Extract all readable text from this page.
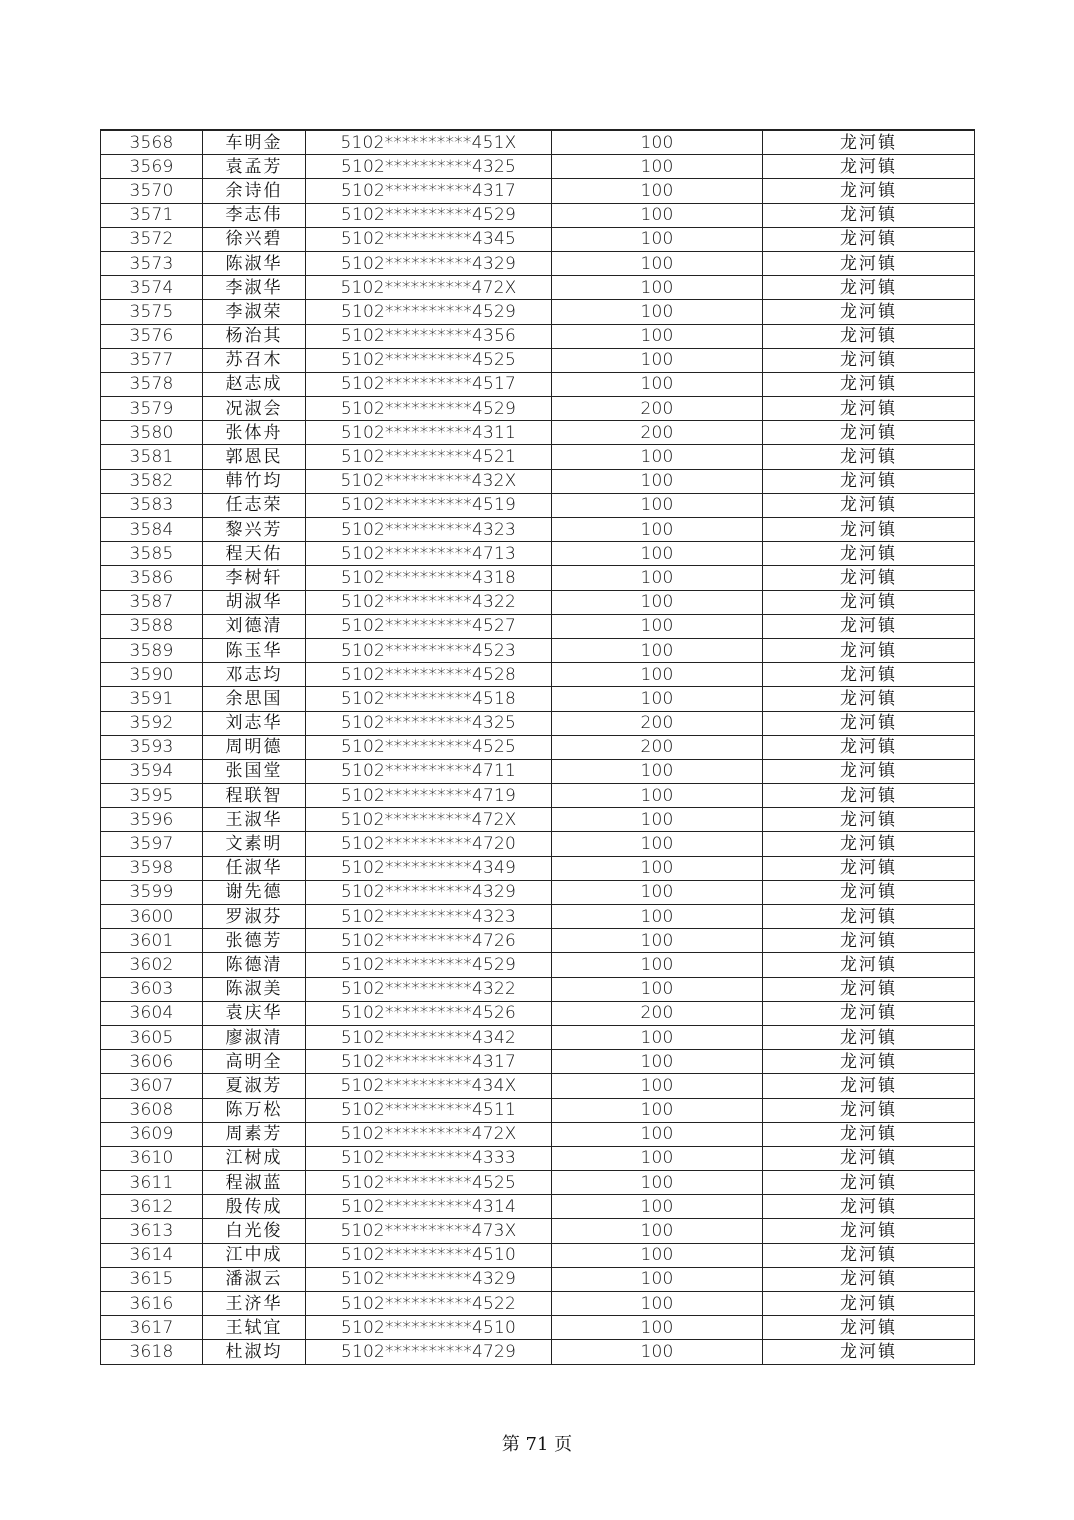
3568	车明金	5102**********451X	100	龙河镇
3569	袁孟芳	5102**********4325	100	龙河镇
3570	余诗伯	5102**********4317	100	龙河镇
3571	李志伟	5102**********4529	100	龙河镇
3572	徐兴碧	5102**********4345	100	龙河镇
3573	陈淑华	5102**********4329	100	龙河镇
3574	李淑华	5102**********472X	100	龙河镇
3575	李淑荣	5102**********4529	100	龙河镇
3576	杨治其	5102**********4356	100	龙河镇
3577	苏召木	5102**********4525	100	龙河镇
3578	赵志成	5102**********4517	100	龙河镇
3579	况淑会	5102**********4529	200	龙河镇
3580	张体舟	5102**********4311	200	龙河镇
3581	郭恩民	5102**********4521	100	龙河镇
3582	韩竹均	5102**********432X	100	龙河镇
3583	任志荣	5102**********4519	100	龙河镇
3584	黎兴芳	5102**********4323	100	龙河镇
3585	程天佑	5102**********4713	100	龙河镇
3586	李树轩	5102**********4318	100	龙河镇
3587	胡淑华	5102**********4322	100	龙河镇
3588	刘德清	5102**********4527	100	龙河镇
3589	陈玉华	5102**********4523	100	龙河镇
3590	邓志均	5102**********4528	100	龙河镇
3591	余思国	5102**********4518	100	龙河镇
3592	刘志华	5102**********4325	200	龙河镇
3593	周明德	5102**********4525	200	龙河镇
3594	张国堂	5102**********4711	100	龙河镇
3595	程联智	5102**********4719	100	龙河镇
3596	王淑华	5102**********472X	100	龙河镇
3597	文素明	5102**********4720	100	龙河镇
3598	任淑华	5102**********4349	100	龙河镇
3599	谢先德	5102**********4329	100	龙河镇
3600	罗淑芬	5102**********4323	100	龙河镇
3601	张德芳	5102**********4726	100	龙河镇
3602	陈德清	5102**********4529	100	龙河镇
3603	陈淑美	5102**********4322	100	龙河镇
3604	袁庆华	5102**********4526	200	龙河镇
3605	廖淑清	5102**********4342	100	龙河镇
3606	高明全	5102**********4317	100	龙河镇
3607	夏淑芳	5102**********434X	100	龙河镇
3608	陈万松	5102**********4511	100	龙河镇
3609	周素芳	5102**********472X	100	龙河镇
3610	江树成	5102**********4333	100	龙河镇
3611	程淑蓝	5102**********4525	100	龙河镇
3612	殷传成	5102**********4314	100	龙河镇
3613	白光俊	5102**********473X	100	龙河镇
3614	江中成	5102**********4510	100	龙河镇
3615	潘淑云	5102**********4329	100	龙河镇
3616	王济华	5102**********4522	100	龙河镇
3617	王轼宜	5102**********4510	100	龙河镇
3618	杜淑均	5102**********4729	100	龙河镇
第 71 页
